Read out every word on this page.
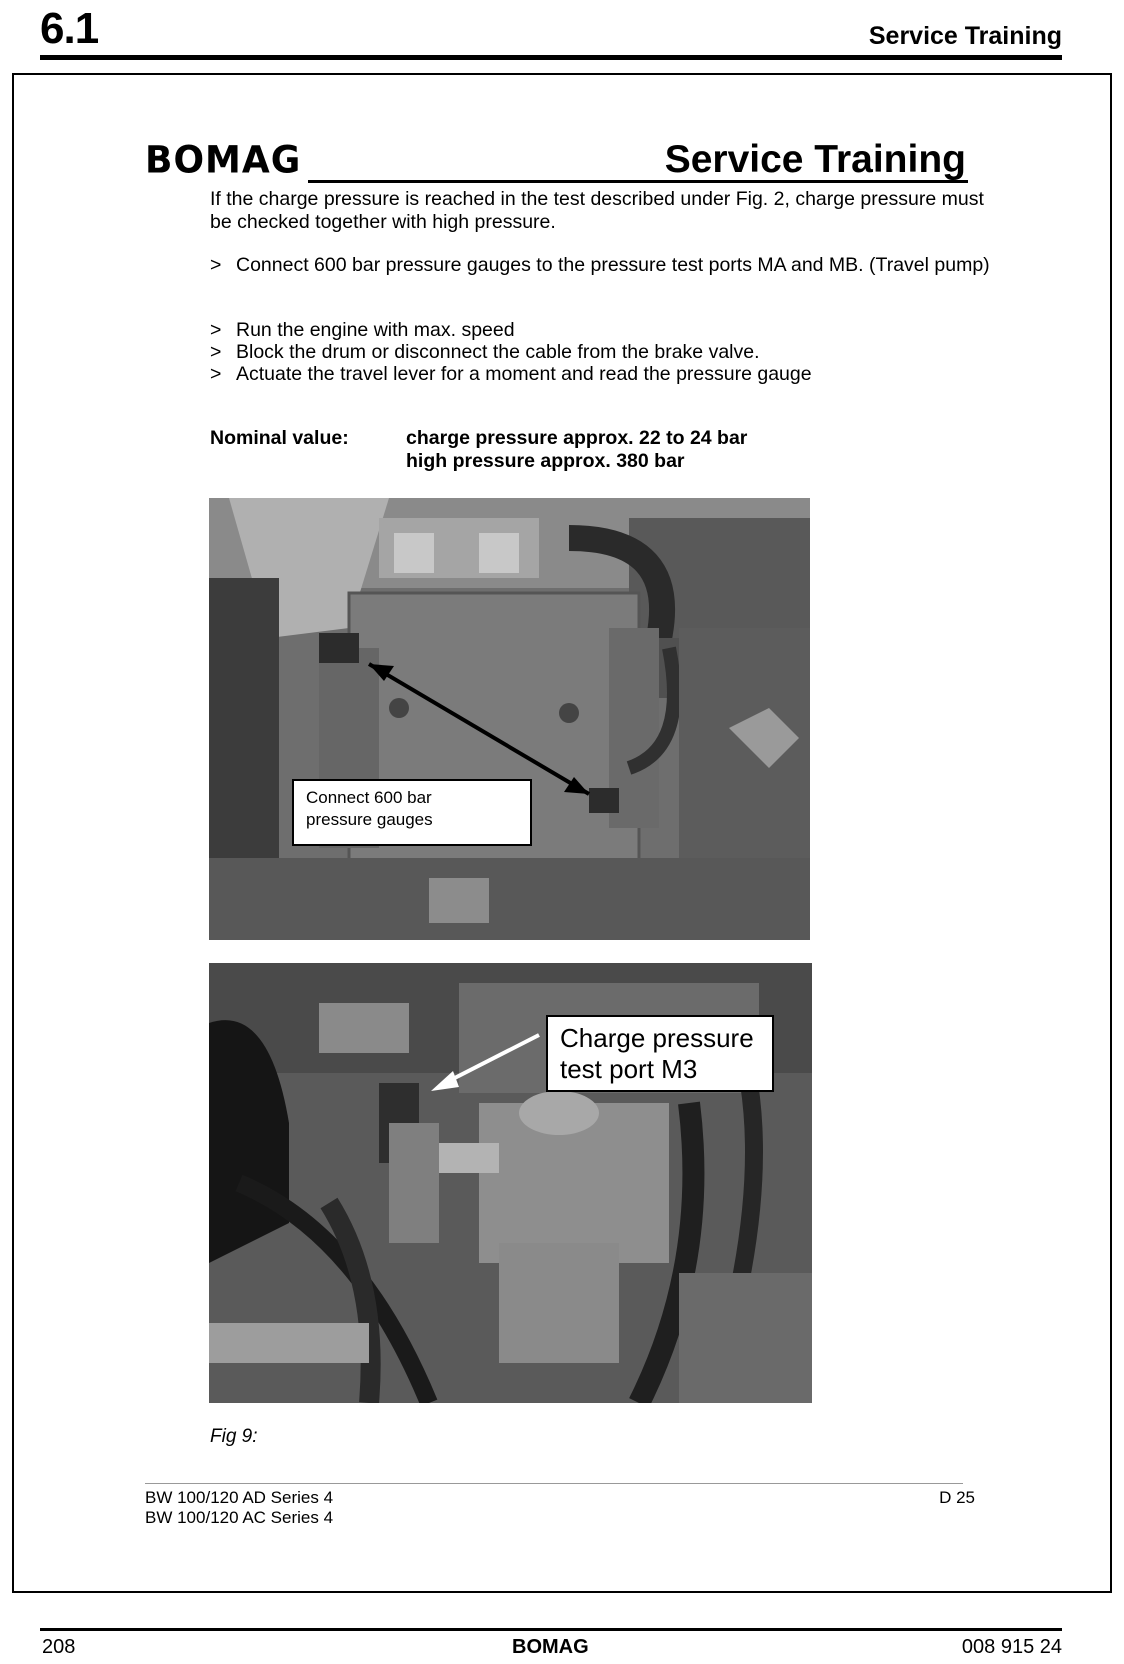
6.1	Service Training
BOMAG	Service Training
If the charge pressure is reached in the test described under Fig. 2, charge pressure must be checked together with high pressure.
> Connect 600 bar pressure gauges to the pressure test ports MA and MB. (Travel pump)
> Run the engine with max. speed
> Block the drum or disconnect the cable from the brake valve.
> Actuate the travel lever for a moment and read the pressure gauge
Nominal value:	charge pressure approx. 22 to 24 bar
high pressure approx. 380 bar
Connect 600 bar
pressure gauges
Charge pressure
test port M3
Fig 9:
BW 100/120 AD Series 4
BW 100/120 AC Series 4
D 25
208	BOMAG	008 915 24
